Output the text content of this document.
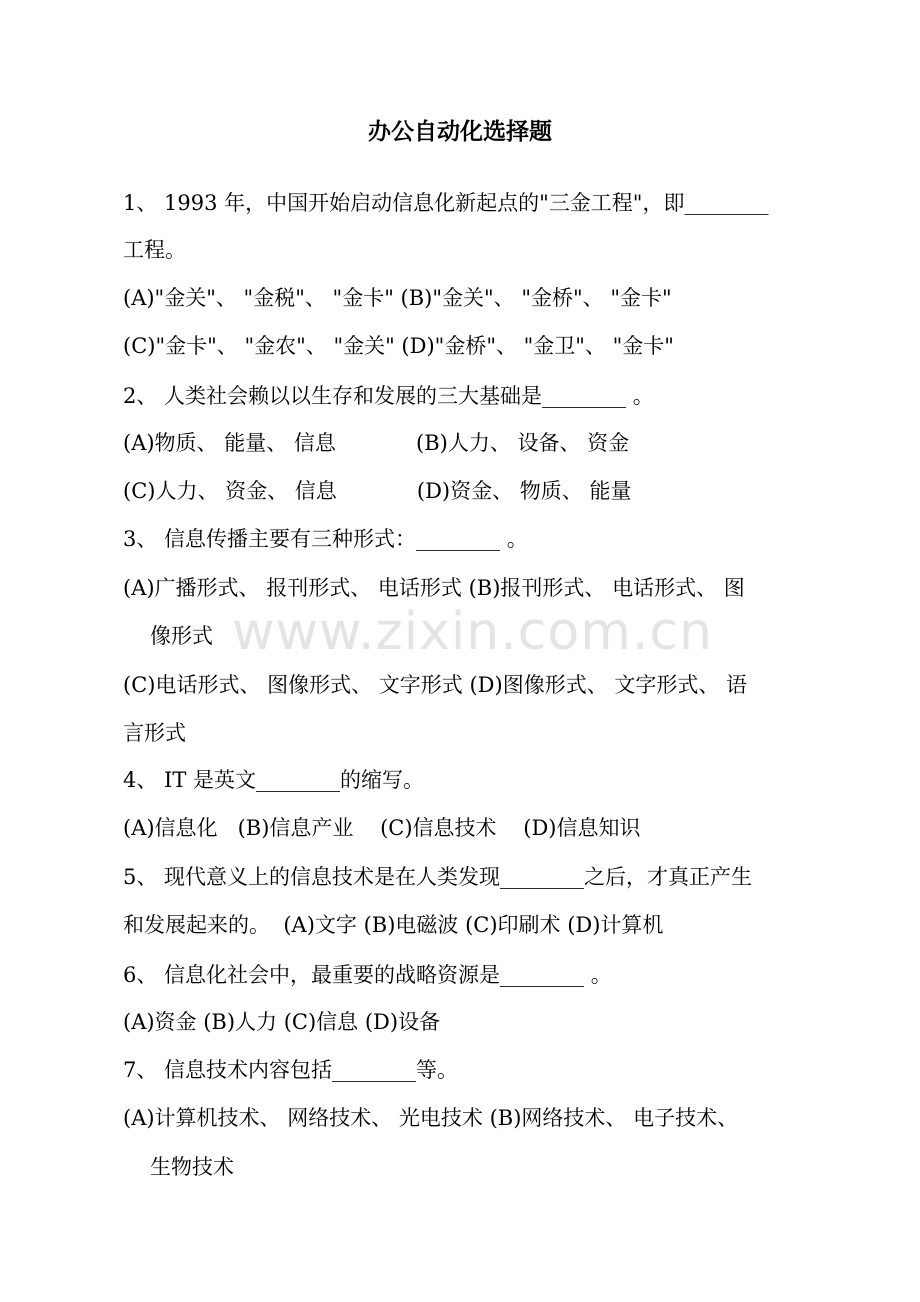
办公自动化选择题
www.zixin.com.cn
1、 1993 年，中国开始启动信息化新起点的"三金工程"，即________
工程。
(A)"金关"、 "金税"、 "金卡" (B)"金关"、 "金桥"、 "金卡"
(C)"金卡"、 "金农"、 "金关" (D)"金桥"、 "金卫"、 "金卡"
2、 人类社会赖以以生存和发展的三大基础是________ 。
(A)物质、 能量、 信息            (B)人力、 设备、 资金
(C)人力、 资金、 信息            (D)资金、 物质、 能量
3、 信息传播主要有三种形式：________ 。
(A)广播形式、 报刊形式、 电话形式 (B)报刊形式、 电话形式、 图
像形式
(C)电话形式、 图像形式、 文字形式 (D)图像形式、 文字形式、 语
言形式
4、 IT 是英文________的缩写。
(A)信息化   (B)信息产业    (C)信息技术    (D)信息知识
5、 现代意义上的信息技术是在人类发现________之后，才真正产生
和发展起来的。  (A)文字 (B)电磁波 (C)印刷术 (D)计算机
6、 信息化社会中，最重要的战略资源是________ 。
(A)资金 (B)人力 (C)信息 (D)设备
7、 信息技术内容包括________等。
(A)计算机技术、 网络技术、 光电技术 (B)网络技术、 电子技术、
生物技术
